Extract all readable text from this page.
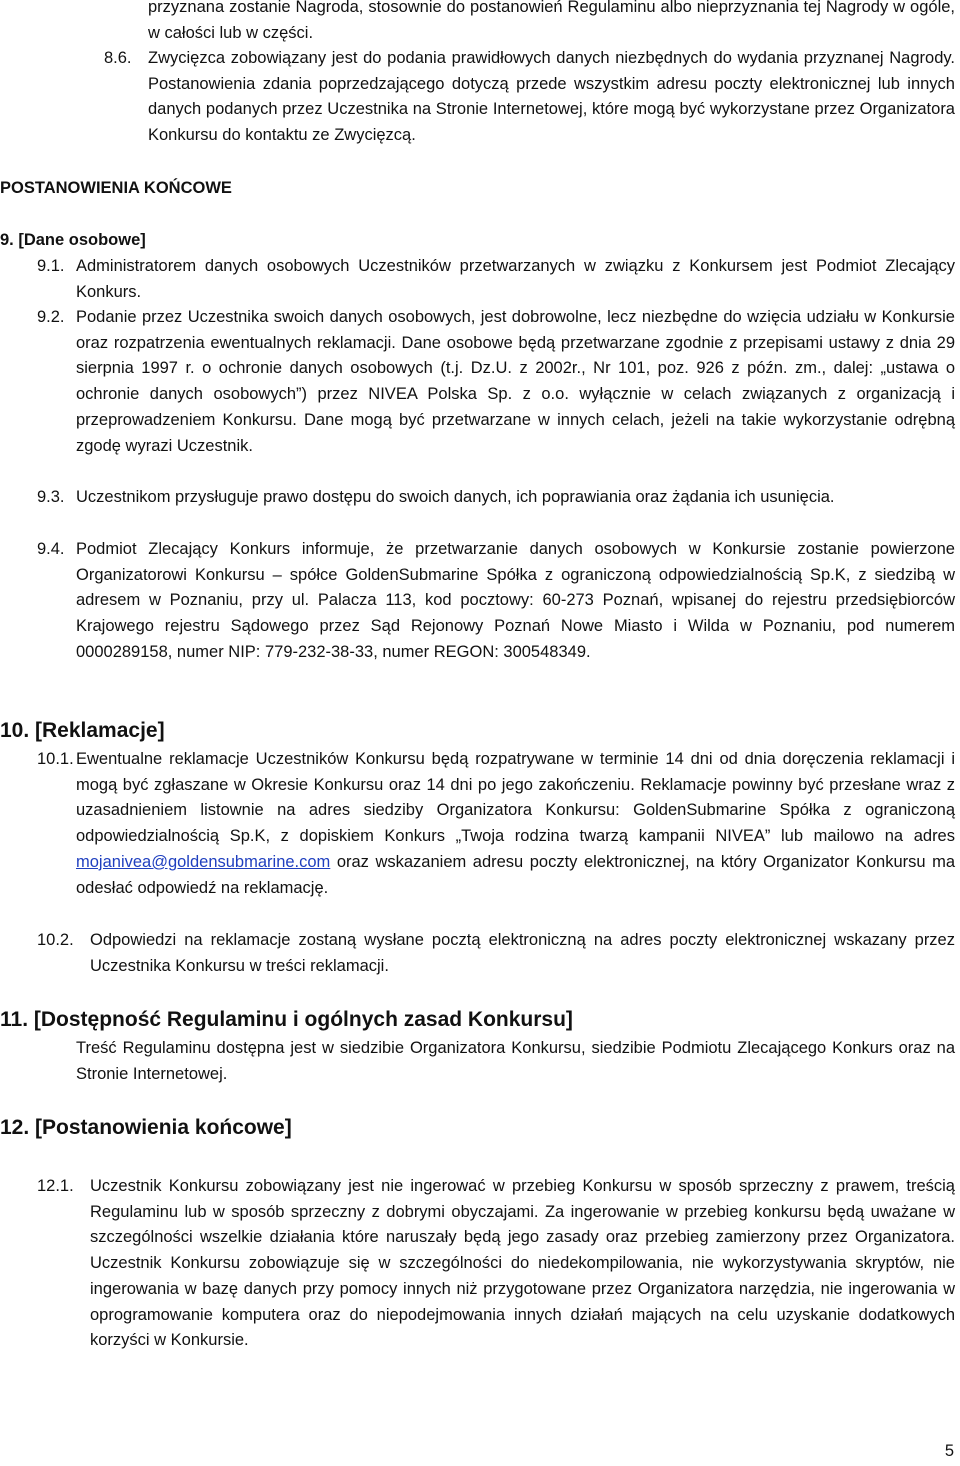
przyznana zostanie Nagroda, stosownie do postanowień Regulaminu albo nieprzyznania tej Nagrody w ogóle, w całości lub w części.

8.6. Zwycięzca zobowiązany jest do podania prawidłowych danych niezbędnych do wydania przyznanej Nagrody. Postanowienia zdania poprzedzającego dotyczą przede wszystkim adresu poczty elektronicznej lub innych danych podanych przez Uczestnika na Stronie Internetowej, które mogą być wykorzystane przez Organizatora Konkursu do kontaktu ze Zwycięzcą.

POSTANOWIENIA KOŃCOWE
9. [Dane osobowe]
9.1. Administratorem danych osobowych Uczestników przetwarzanych w związku z Konkursem jest Podmiot Zlecający Konkurs.

9.2. Podanie przez Uczestnika swoich danych osobowych, jest dobrowolne, lecz niezbędne do wzięcia udziału w Konkursie oraz rozpatrzenia ewentualnych reklamacji. Dane osobowe będą przetwarzane zgodnie z przepisami ustawy z dnia 29 sierpnia 1997 r. o ochronie danych osobowych (t.j. Dz.U. z 2002r., Nr 101, poz. 926 z późn. zm., dalej: „ustawa o ochronie danych osobowych”) przez NIVEA Polska Sp. z o.o. wyłącznie w celach związanych z organizacją i przeprowadzeniem Konkursu. Dane mogą być przetwarzane w innych celach, jeżeli na takie wykorzystanie odrębną zgodę wyrazi Uczestnik.

9.3. Uczestnikom przysługuje prawo dostępu do swoich danych, ich poprawiania oraz żądania ich usunięcia.

9.4. Podmiot Zlecający Konkurs informuje, że przetwarzanie danych osobowych w Konkursie zostanie powierzone Organizatorowi Konkursu – spółce GoldenSubmarine Spółka z ograniczoną odpowiedzialnością Sp.K, z siedzibą w adresem w Poznaniu, przy ul. Palacza 113, kod pocztowy: 60-273 Poznań, wpisanej do rejestru przedsiębiorców Krajowego rejestru Sądowego przez Sąd Rejonowy Poznań Nowe Miasto i Wilda w Poznaniu, pod numerem 0000289158, numer NIP: 779-232-38-33, numer REGON: 300548349.

10. [Reklamacje]
10.1. Ewentualne reklamacje Uczestników Konkursu będą rozpatrywane w terminie 14 dni od dnia doręczenia reklamacji i mogą być zgłaszane w Okresie Konkursu oraz 14 dni po jego zakończeniu. Reklamacje powinny być przesłane wraz z uzasadnieniem listownie na adres siedziby Organizatora Konkursu: GoldenSubmarine Spółka z ograniczoną odpowiedzialnością Sp.K, z dopiskiem Konkurs „Twoja rodzina twarzą kampanii NIVEA” lub mailowo na adres mojanivea@goldensubmarine.com oraz wskazaniem adresu poczty elektronicznej, na który Organizator Konkursu ma odesłać odpowiedź na reklamację.

10.2. Odpowiedzi na reklamacje zostaną wysłane pocztą elektroniczną na adres poczty elektronicznej wskazany przez Uczestnika Konkursu w treści reklamacji.

11. [Dostępność Regulaminu i ogólnych zasad Konkursu]

Treść Regulaminu dostępna jest w siedzibie Organizatora Konkursu, siedzibie Podmiotu Zlecającego Konkurs oraz na Stronie Internetowej.

12. [Postanowienia końcowe]
12.1. Uczestnik Konkursu zobowiązany jest nie ingerować w przebieg Konkursu w sposób sprzeczny z prawem, treścią Regulaminu lub w sposób sprzeczny z dobrymi obyczajami. Za ingerowanie w przebieg konkursu będą uważane w szczególności wszelkie działania które naruszały będą jego zasady oraz przebieg zamierzony przez Organizatora. Uczestnik Konkursu zobowiązuje się w szczególności do niedekompilowania, nie wykorzystywania skryptów, nie ingerowania w bazę danych przy pomocy innych niż przygotowane przez Organizatora narzędzia, nie ingerowania w oprogramowanie komputera oraz do niepodejmowania innych działań mających na celu uzyskanie dodatkowych korzyści w Konkursie.

5
